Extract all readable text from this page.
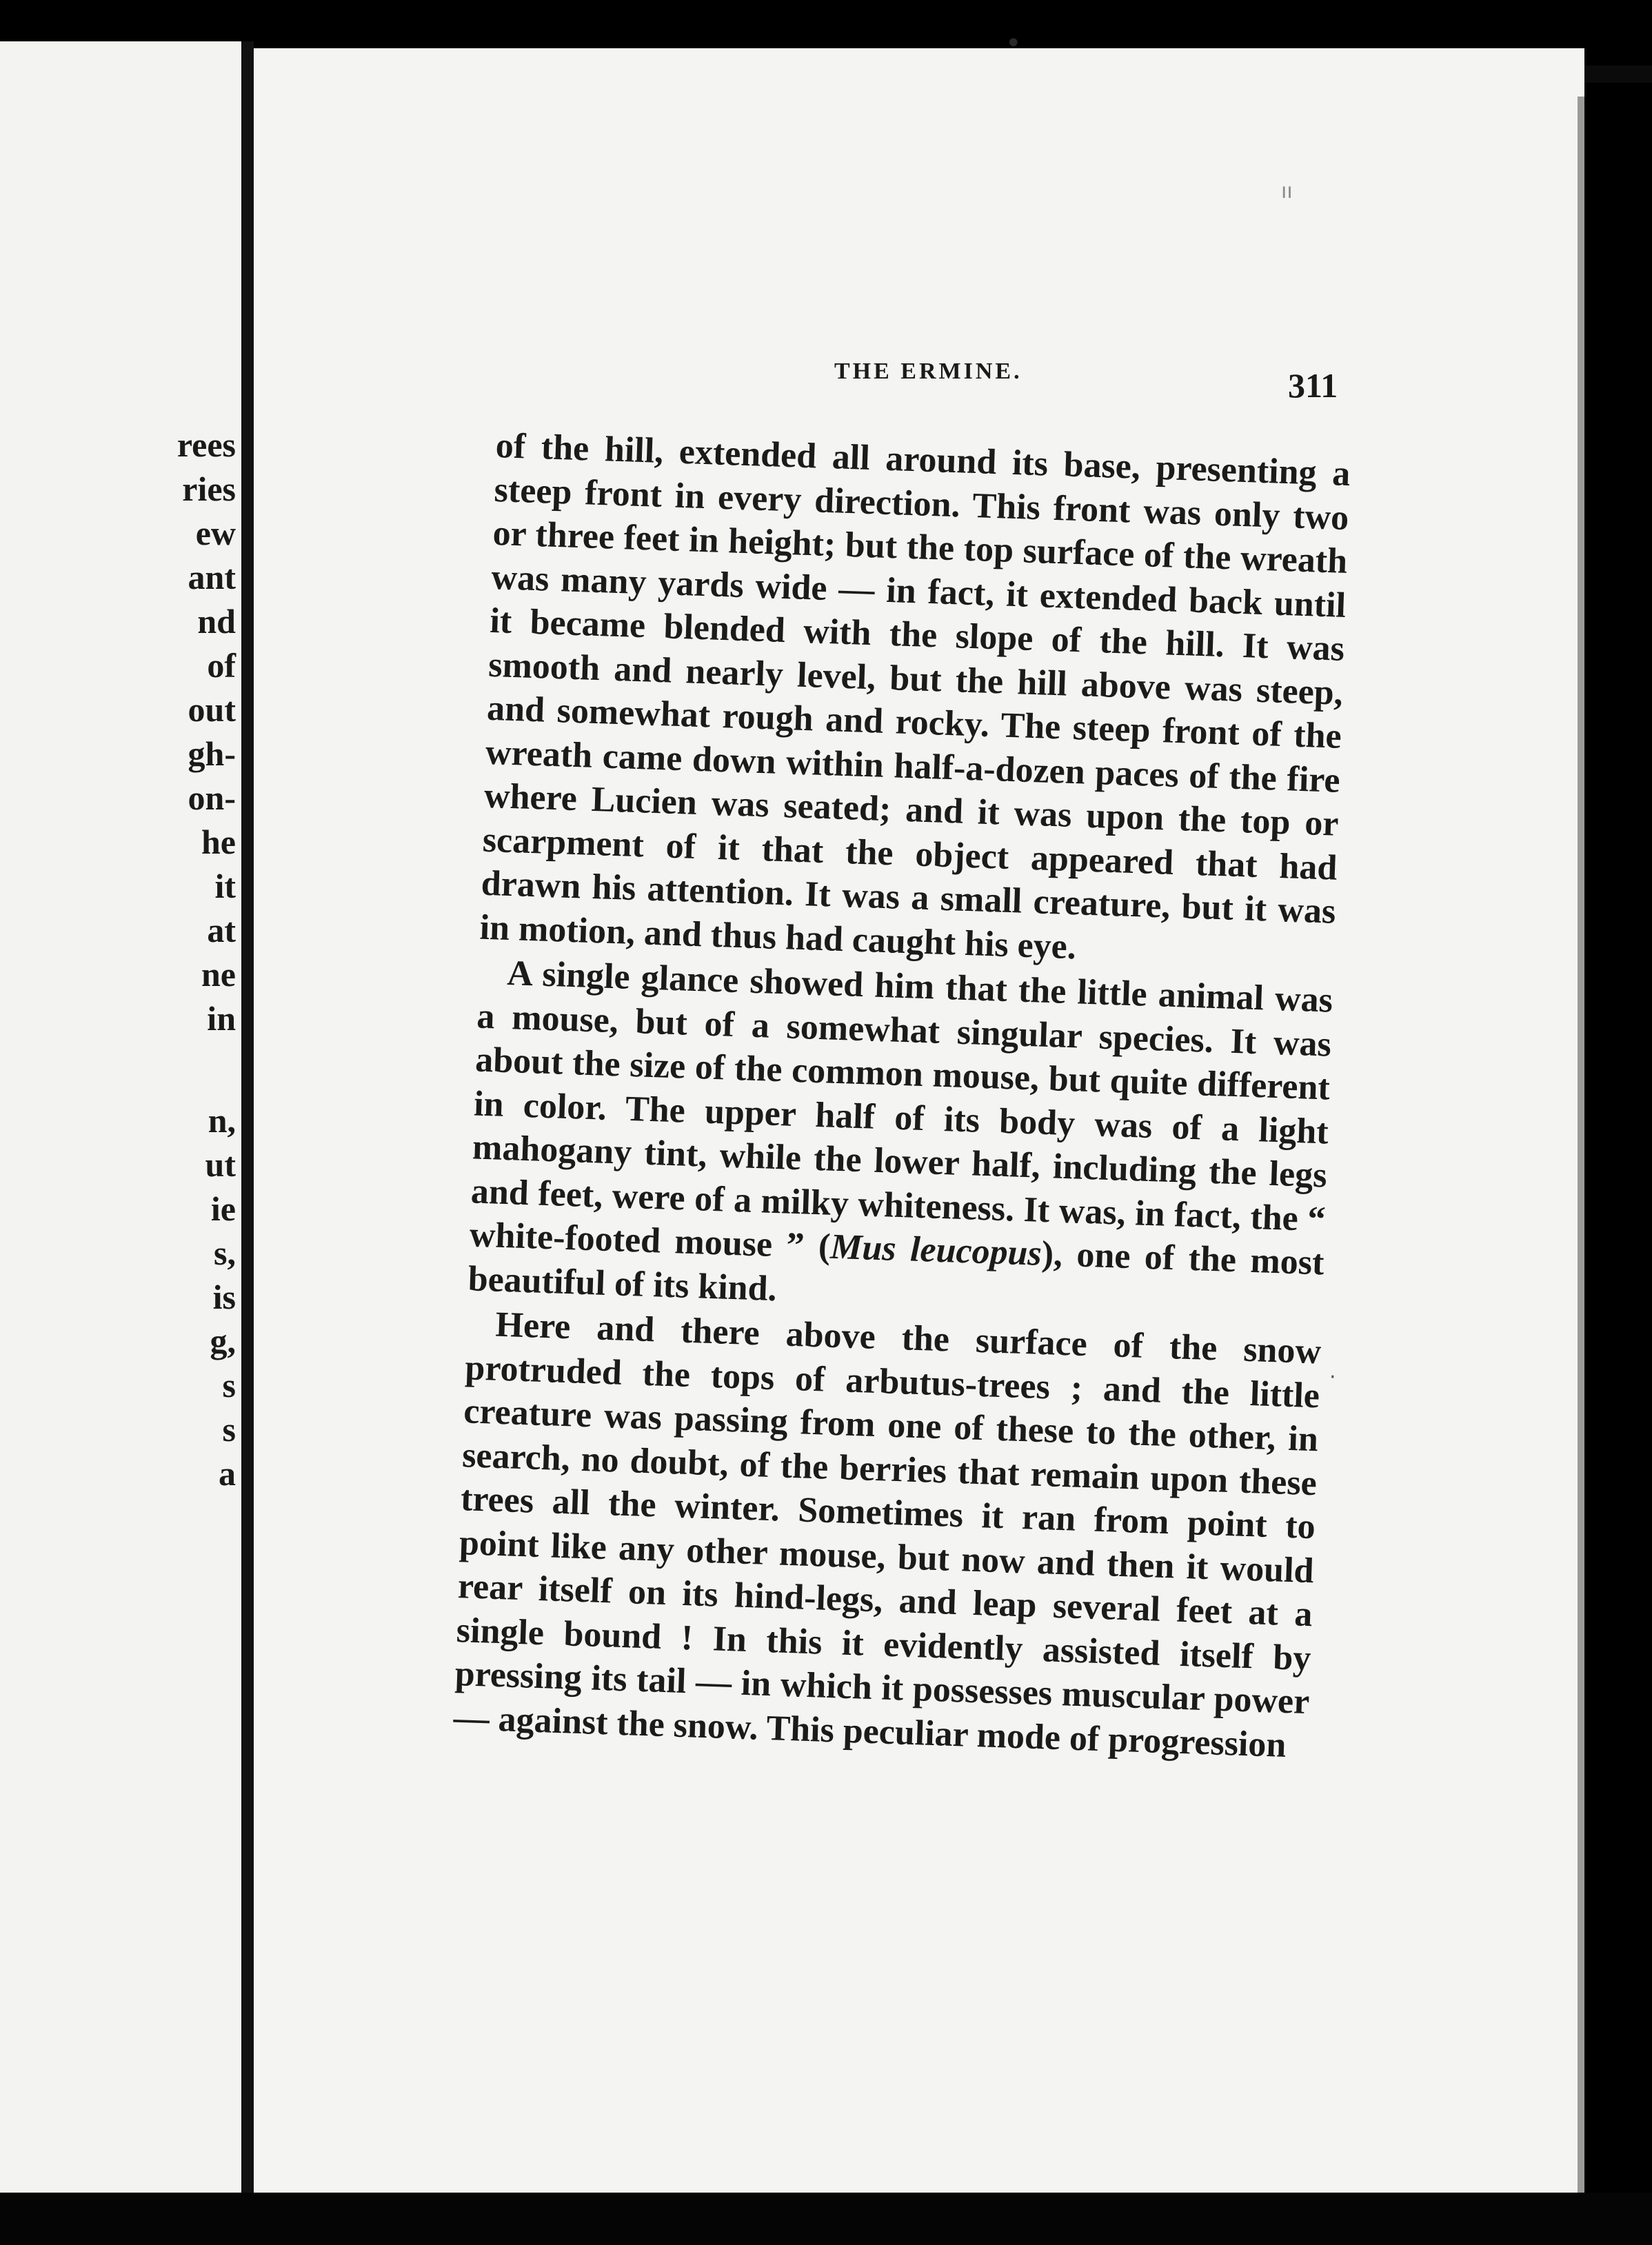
rees
ries
ew
ant
nd
of
out
gh-
on-
he
it
at
ne
in
n,
ut
ie
s,
is
g,
s
s
a
•
ıı
·
THE ERMINE.	311

of the hill, extended all around its base, presenting a steep front in every direction. This front was only two or three feet in height; but the top surface of the wreath was many yards wide — in fact, it extended back until it became blended with the slope of the hill. It was smooth and nearly level, but the hill above was steep, and somewhat rough and rocky. The steep front of the wreath came down within half-a-dozen paces of the fire where Lucien was seated; and it was upon the top or scarpment of it that the object appeared that had drawn his attention. It was a small creature, but it was in motion, and thus had caught his eye.

A single glance showed him that the little animal was a mouse, but of a somewhat singular species. It was about the size of the common mouse, but quite different in color. The upper half of its body was of a light mahogany tint, while the lower half, including the legs and feet, were of a milky whiteness. It was, in fact, the “ white-footed mouse ” (Mus leucopus), one of the most beautiful of its kind.

Here and there above the surface of the snow protruded the tops of arbutus-trees ; and the little creature was passing from one of these to the other, in search, no doubt, of the berries that remain upon these trees all the winter. Sometimes it ran from point to point like any other mouse, but now and then it would rear itself on its hind-legs, and leap several feet at a single bound ! In this it evidently assisted itself by pressing its tail — in which it possesses muscular power — against the snow. This peculiar mode of progression
